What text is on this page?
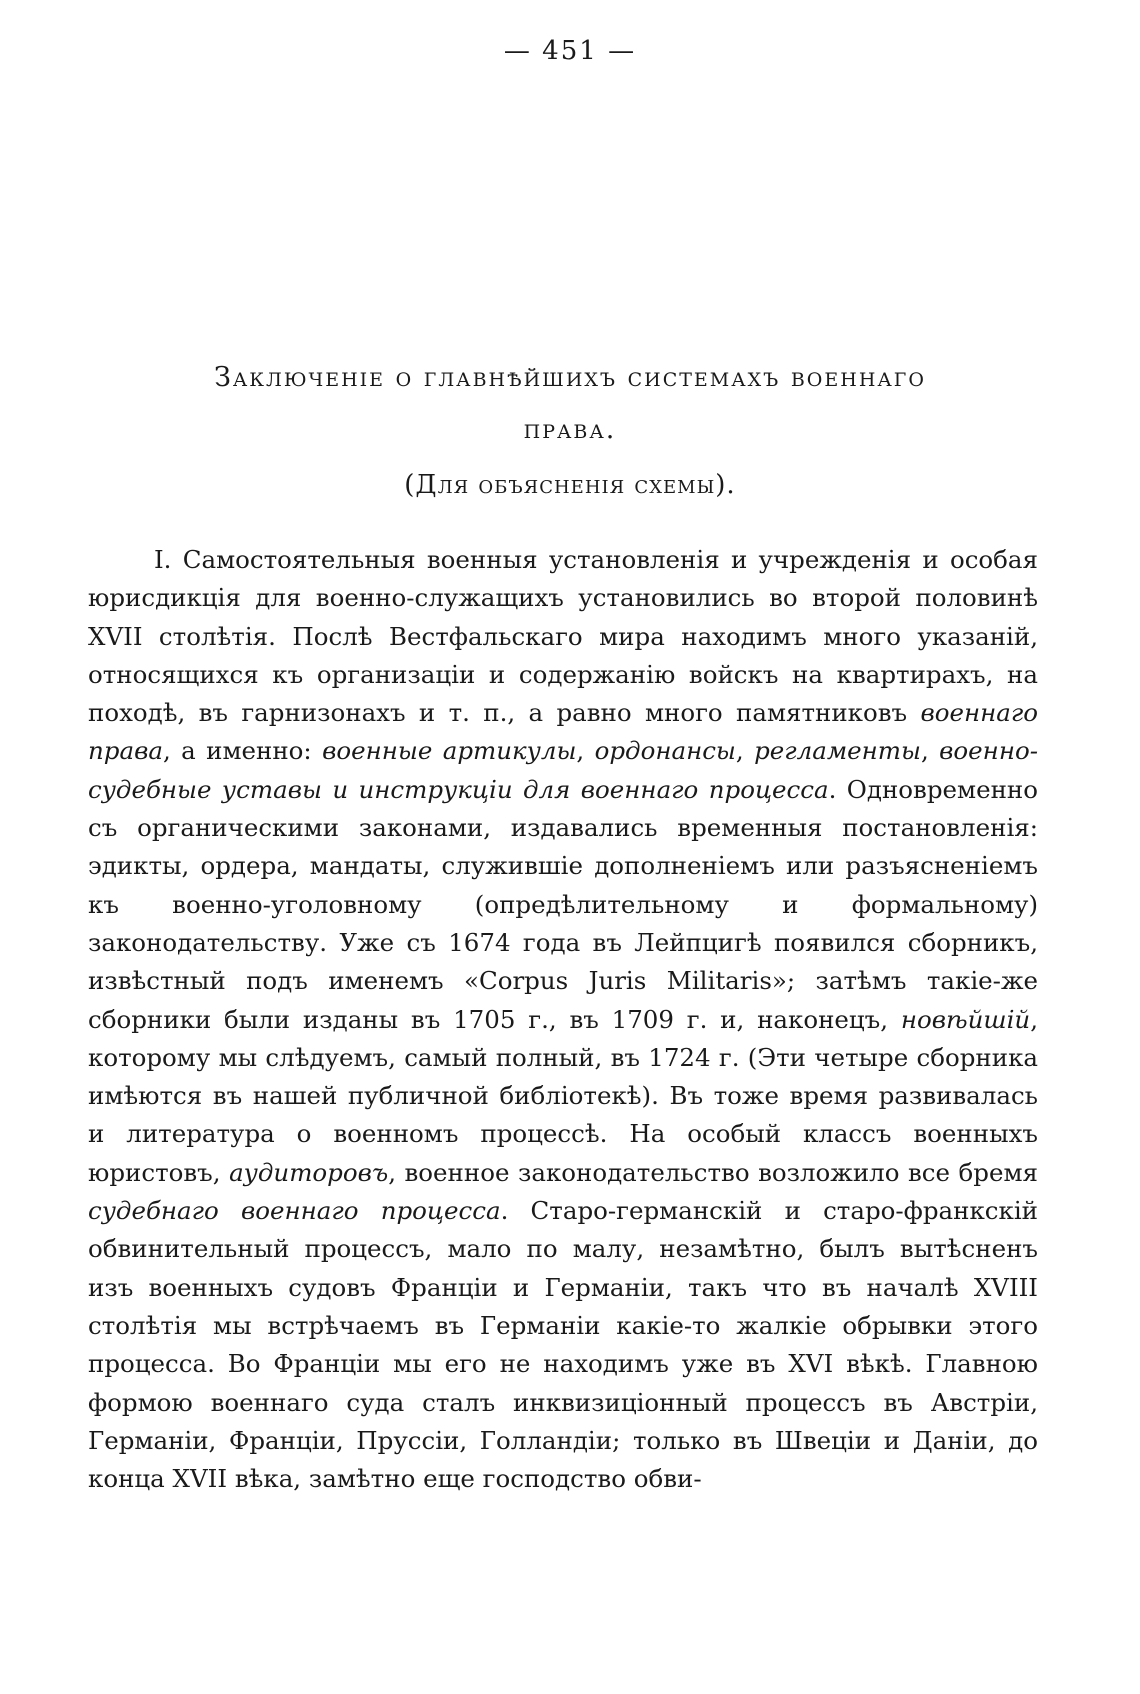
— 451 —
Заключеніе о главнѣйшихъ системахъ военнаго
права.
(Для объясненія схемы).

I. Самостоятельныя военныя установленія и учрежденія и особая юрисдикція для военно-служащихъ установились во второй половинѣ XVII столѣтія. Послѣ Вестфальскаго мира находимъ много указаній, относящихся къ организаціи и содержанію войскъ на квартирахъ, на походѣ, въ гарнизонахъ и т. п., а равно много памятниковъ военнаго права, а именно: военные артикулы, ордонансы, регламенты, военно-судебные уставы и инструкціи для военнаго процесса. Одновременно съ органическими законами, издавались временныя постановленія: эдикты, ордера, мандаты, служившіе дополненіемъ или разъясненіемъ къ военно-уголовному (опредѣлительному и формальному) законодательству. Уже съ 1674 года въ Лейпцигѣ появился сборникъ, извѣстный подъ именемъ «Corpus Juris Militaris»; затѣмъ такіе-же сборники были изданы въ 1705 г., въ 1709 г. и, наконецъ, новѣйшій, которому мы слѣдуемъ, самый полный, въ 1724 г. (Эти четыре сборника имѣются въ нашей публичной библіотекѣ). Въ тоже время развивалась и литература о военномъ процессѣ. На особый классъ военныхъ юристовъ, аудиторовъ, военное законодательство возложило все бремя судебнаго военнаго процесса. Старо-германскій и старо-франкскій обвинительный процессъ, мало по малу, незамѣтно, былъ вытѣсненъ изъ военныхъ судовъ Франціи и Германіи, такъ что въ началѣ XVIII столѣтія мы встрѣчаемъ въ Германіи какіе-то жалкіе обрывки этого процесса. Во Франціи мы его не находимъ уже въ XVI вѣкѣ. Главною формою военнаго суда сталъ инквизиціонный процессъ въ Австріи, Германіи, Франціи, Пруссіи, Голландіи; только въ Швеціи и Даніи, до конца XVII вѣка, замѣтно еще господство обви-
